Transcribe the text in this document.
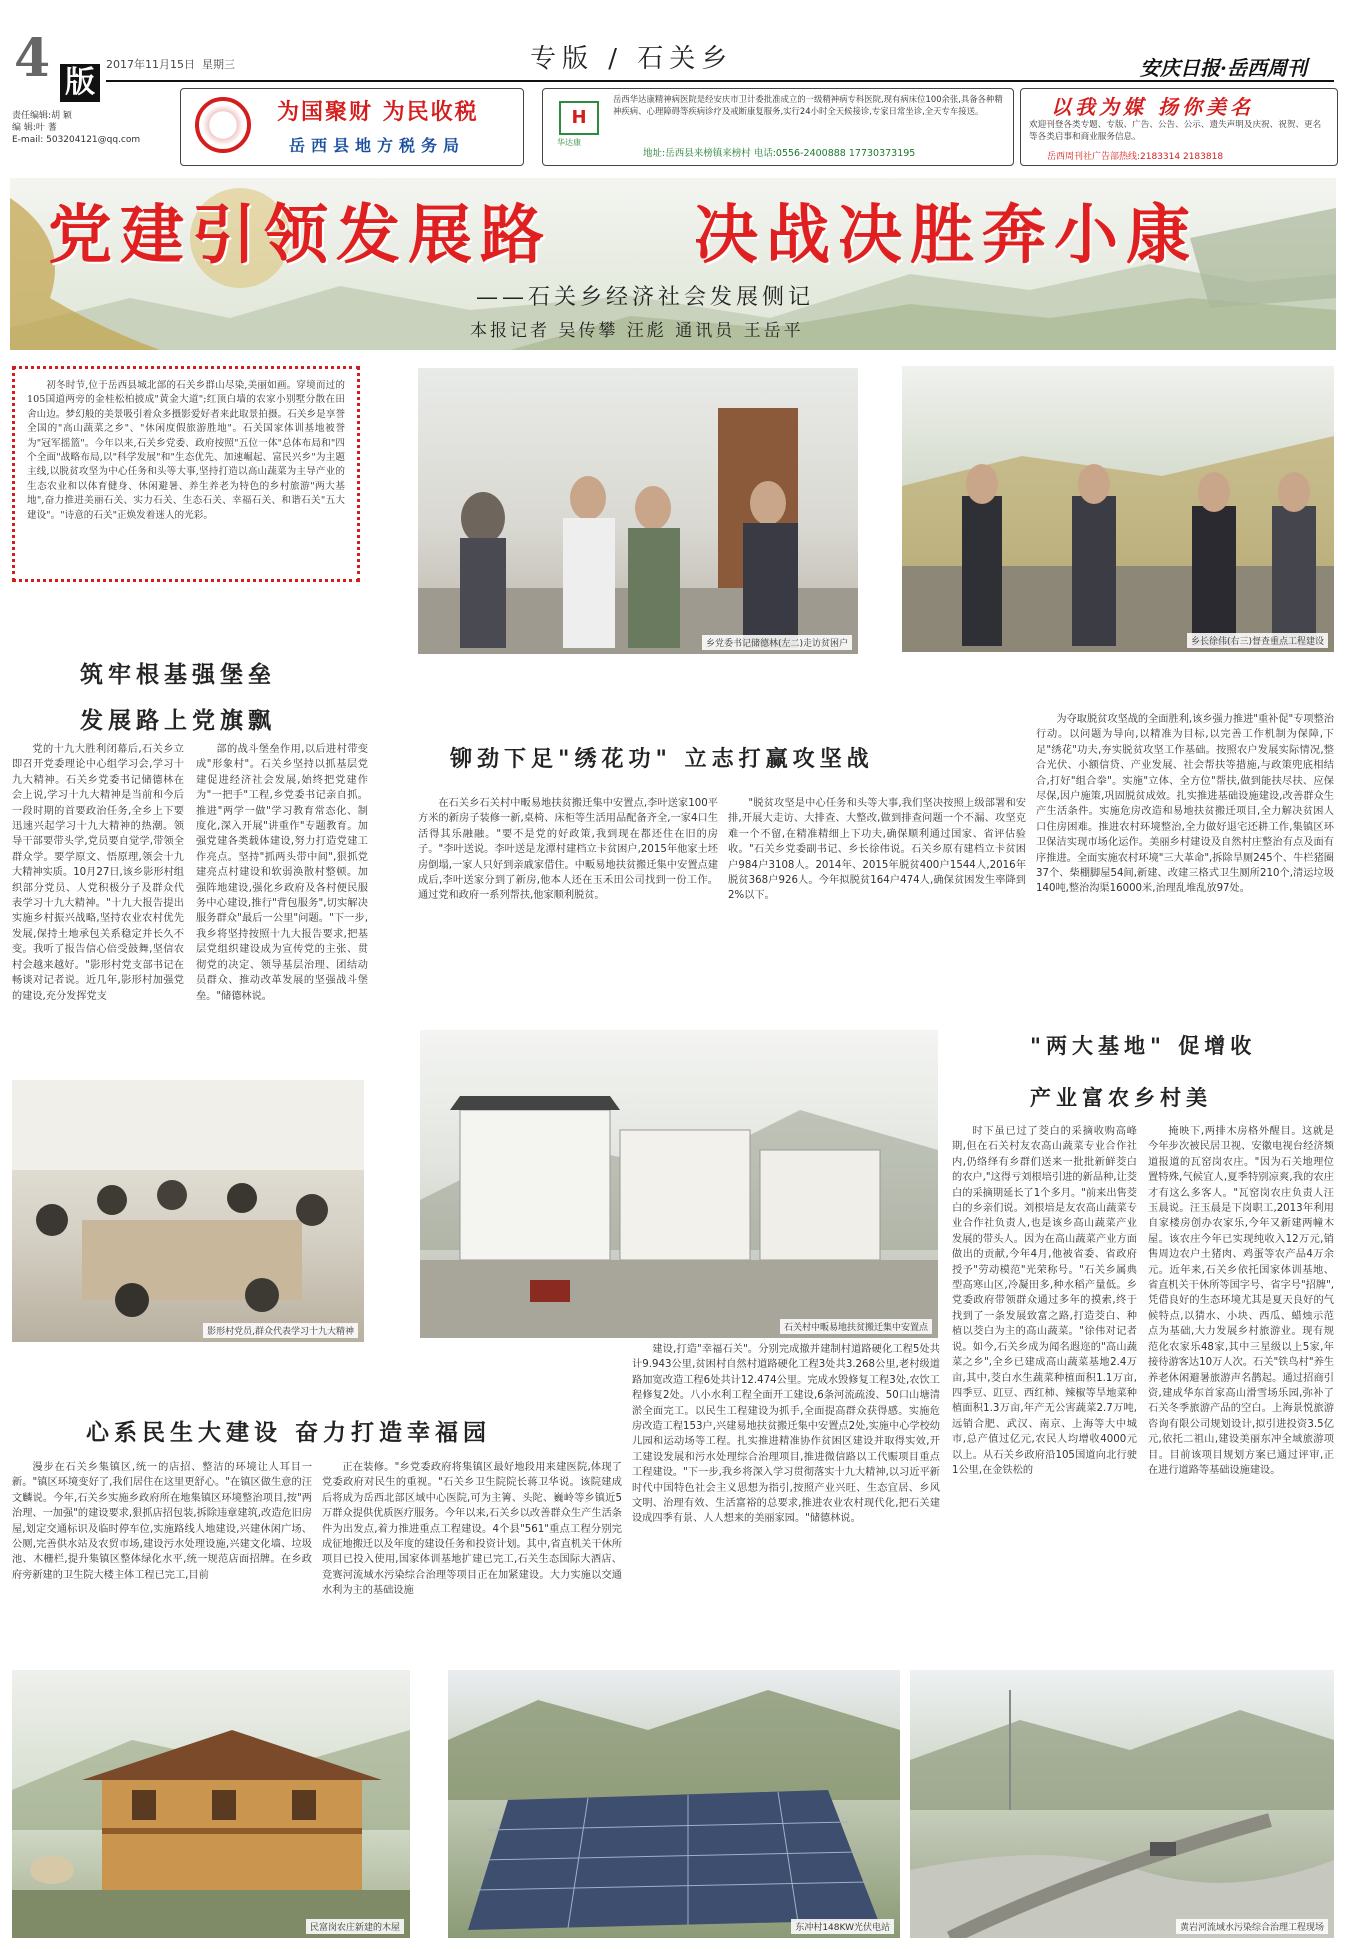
4 版
2017年11月15日 星期三	专版 / 石关乡	安庆日报·岳西周刊
责任编辑:胡 颖
编 辑:叶 蓍
E-mail: 503204121@qq.com
为国聚财 为民收税
岳西县地方税务局
H
华达康
岳西华达康精神病医院是经安庆市卫计委批准成立的一级精神病专科医院,现有病床位100余张,具备各种精神疾病、心理障碍等疾病诊疗及戒断康复服务,实行24小时全天候接诊,专家日常坐诊,全天专车接送。
地址:岳西县来榜镇来榜村 电话:0556-2400888 17730373195
以我为媒 扬你美名
欢迎刊登各类专题、专版、广告、公告、公示、遗失声明及庆祝、祝贺、更名等各类启事和商业服务信息。
岳西周刊社广告部热线:2183314 2183818
党建引领发展路 决战决胜奔小康
——石关乡经济社会发展侧记
本报记者 吴传攀 汪彪 通讯员 王岳平
初冬时节,位于岳西县城北部的石关乡群山尽染,美丽如画。穿境而过的105国道两旁的金桂松柏披成"黄金大道";红顶白墙的农家小别墅分散在田舍山边。梦幻般的美景吸引着众多摄影爱好者来此取景拍摄。石关乡是享誉全国的"高山蔬菜之乡"、"休闲度假旅游胜地"。石关国家体训基地被誉为"冠军摇篮"。今年以来,石关乡党委、政府按照"五位一体"总体布局和"四个全面"战略布局,以"科学发展"和"生态优先、加速崛起、富民兴乡"为主题主线,以脱贫攻坚为中心任务和头等大事,坚持打造以高山蔬菜为主导产业的生态农业和以体育健身、休闲避暑、养生养老为特色的乡村旅游"两大基地",奋力推进美丽石关、实力石关、生态石关、幸福石关、和谐石关"五大建设"。"诗意的石关"正焕发着迷人的光彩。
乡党委书记储德林(左二)走访贫困户	乡长徐伟(右三)督查重点工程建设
筑牢根基强堡垒
发展路上党旗飘

党的十九大胜利闭幕后,石关乡立即召开党委理论中心组学习会,学习十九大精神。石关乡党委书记储德林在会上说,学习十九大精神是当前和今后一段时期的首要政治任务,全乡上下要迅速兴起学习十九大精神的热潮。领导干部要带头学,党员要自觉学,带领全群众学。要学原文、悟原理,领会十九大精神实质。10月27日,该乡影形村组织部分党员、人党积极分子及群众代表学习十九大精神。"十九大报告提出实施乡村振兴战略,坚持农业农村优先发展,保持土地承包关系稳定并长久不变。我听了报告信心倍受鼓舞,坚信农村会越来越好。"影形村党支部书记在畅谈对记者说。近几年,影形村加强党的建设,充分发挥党支

部的战斗堡垒作用,以后进村带变成"形象村"。石关乡坚持以抓基层党建促进经济社会发展,始终把党建作为"一把手"工程,乡党委书记亲自抓。推进"两学一做"学习教育常态化、制度化,深入开展"讲重作"专题教育。加强党建各类载体建设,努力打造党建工作亮点。坚持"抓两头带中间",狠抓党建亮点村建设和软弱涣散村整顿。加强阵地建设,强化乡政府及各村便民服务中心建设,推行"背包服务",切实解决服务群众"最后一公里"问题。"下一步,我乡将坚持按照十九大报告要求,把基层党组织建设成为宣传党的主张、贯彻党的决定、领导基层治理、团结动员群众、推动改革发展的坚强战斗堡垒。"储德林说。

铆劲下足"绣花功" 立志打赢攻坚战

在石关乡石关村中畈易地扶贫搬迁集中安置点,李叶送家100平方米的新房子装修一新,桌椅、床柜等生活用品配备齐全,一家4口生活得其乐融融。"要不是党的好政策,我到现在都还住在旧的房子。"李叶送说。李叶送是龙潭村建档立卡贫困户,2015年他家土坯房倒塌,一家人只好到亲戚家借住。中畈易地扶贫搬迁集中安置点建成后,李叶送家分到了新房,他本人还在玉禾田公司找到一份工作。通过党和政府一系列帮扶,他家顺利脱贫。

"脱贫攻坚是中心任务和头等大事,我们坚决按照上级部署和安排,开展大走访、大排查、大整改,做到排查问题一个不漏、攻坚克难一个不留,在精准精细上下功夫,确保顺利通过国家、省评估验收。"石关乡党委副书记、乡长徐伟说。石关乡原有建档立卡贫困户984户3108人。2014年、2015年脱贫400户1544人,2016年脱贫368户926人。今年拟脱贫164户474人,确保贫困发生率降到2%以下。

为夺取脱贫攻坚战的全面胜利,该乡强力推进"重补促"专项整治行动。以问题为导向,以精准为目标,以完善工作机制为保障,下足"绣花"功夫,夯实脱贫攻坚工作基础。按照农户发展实际情况,整合光伏、小额信贷、产业发展、社会帮扶等措施,与政策兜底相结合,打好"组合拳"。实施"立体、全方位"帮扶,做到能扶尽扶、应保尽保,因户施策,巩固脱贫成效。扎实推进基础设施建设,改善群众生产生活条件。实施危房改造和易地扶贫搬迁项目,全力解决贫困人口住房困难。推进农村环境整治,全力做好退宅还耕工作,集镇区环卫保洁实现市场化运作。美丽乡村建设及自然村庄整治有点及面有序推进。全面实施农村环境"三大革命",拆除旱厕245个、牛栏猪圈37个、柴棚脚屋54间,新建、改建三格式卫生厕所210个,清运垃圾140吨,整治沟渠16000米,治理乱堆乱放97处。

影形村党员,群众代表学习十九大精神	石关村中畈易地扶贫搬迁集中安置点
"两大基地" 促增收
产业富农乡村美

时下虽已过了茭白的采摘收购高峰期,但在石关村友农高山蔬菜专业合作社内,仍络绎有乡群们送来一批批新鲜茭白的农户,"这得亏刘根培引进的新品种,让茭白的采摘期延长了1个多月。"前来出售茭白的乡亲们说。刘根培是友农高山蔬菜专业合作社负责人,也是该乡高山蔬菜产业发展的带头人。因为在高山蔬菜产业方面做出的贡献,今年4月,他被省委、省政府授予"劳动模范"光荣称号。"石关乡属典型高寒山区,冷凝田多,种水稻产量低。乡党委政府带领群众通过多年的摸索,终于找到了一条发展致富之路,打造茭白、种植以茭白为主的高山蔬菜。"徐伟对记者说。如今,石关乡成为闻名遐迩的"高山蔬菜之乡",全乡已建成高山蔬菜基地2.4万亩,其中,茭白水生蔬菜种植面积1.1万亩,四季豆、豇豆、西红柿、辣椒等旱地菜种植面积1.3万亩,年产无公害蔬菜2.7万吨,远销合肥、武汉、南京、上海等大中城市,总产值过亿元,农民人均增收4000元以上。从石关乡政府沿105国道向北行驶1公里,在金铁松的

掩映下,两排木房格外醒目。这就是今年步次被民居卫视、安徽电视台经济频道报道的瓦窑岗农庄。"因为石关地理位置特殊,气候宜人,夏季特别凉爽,我的农庄才有这么多客人。"瓦窑岗农庄负责人汪玉晨说。汪玉晨是下岗职工,2013年利用自家楼房创办农家乐,今年又新建两幢木屋。该农庄今年已实现纯收入12万元,销售周边农户土猪肉、鸡蛋等农产品4万余元。近年来,石关乡依托国家体训基地、省直机关干休所等国字号、省字号"招牌",凭借良好的生态环境尤其是夏天良好的气候特点,以猜水、小块、西瓜、蜡烛示范点为基础,大力发展乡村旅游业。现有规范化农家乐48家,其中三星级以上5家,年接待游客达10万人次。石关"铁鸟村"养生养老休闲避暑旅游声名鹊起。通过招商引资,建成华东首家高山滑雪场乐园,弥补了石关冬季旅游产品的空白。上海景悦旅游咨询有限公司规划设计,拟引进投资3.5亿元,依托二祖山,建设美丽东冲全域旅游项目。目前该项目规划方案已通过评审,正在进行道路等基础设施建设。

心系民生大建设 奋力打造幸福园

漫步在石关乡集镇区,统一的店招、整洁的环境让人耳目一新。"镇区环境变好了,我们居住在这里更舒心。"在镇区做生意的汪文麟说。今年,石关乡实施乡政府所在地集镇区环境整治项目,按"两治理、一加强"的建设要求,狠抓店招包装,拆除违章建筑,改造危旧房屋,划定交通标识及临时停车位,实施路线人地建设,兴建休闲广场、公厕,完善供水站及农贸市场,建设污水处理设施,兴建文化墙、垃圾池、木栅栏,提升集镇区整体绿化水平,统一规范店面招牌。在乡政府旁新建的卫生院大楼主体工程已完工,目前

正在装修。"乡党委政府将集镇区最好地段用来建医院,体现了党委政府对民生的重视。"石关乡卫生院院长蒋卫华说。该院建成后将成为岳西北部区域中心医院,可为主箐、头陀、巍岭等乡镇近5万群众提供优质医疗服务。今年以来,石关乡以改善群众生产生活条件为出发点,着力推进重点工程建设。4个县"561"重点工程分别完成征地搬迁以及年度的建设任务和投资计划。其中,省直机关干休所项目已投入使用,国家体训基地扩建已完工,石关生态国际大酒店、竞赛河流域水污染综合治理等项目正在加紧建设。大力实施以交通水利为主的基础设施

建设,打造"幸福石关"。分别完成撤并建制村道路硬化工程5处共计9.943公里,贫困村自然村道路硬化工程3处共3.268公里,老村级道路加宽改造工程6处共计12.474公里。完成水毁修复工程3处,农饮工程修复2处。八小水利工程全面开工建设,6条河流疏浚、50口山塘清淤全面完工。以民生工程建设为抓手,全面提高群众获得感。实施危房改造工程153户,兴建易地扶贫搬迁集中安置点2处,实施中心学校幼儿园和运动场等工程。扎实推进精准协作贫困区建设并取得实效,开工建设发展和污水处理综合治理项目,推进微信路以工代赈项目重点工程建设。"下一步,我乡将深入学习贯彻落实十九大精神,以习近平新时代中国特色社会主义思想为指引,按照产业兴旺、生态宜居、乡风文明、治理有效、生活富裕的总要求,推进农业农村现代化,把石关建设成四季有景、人人想来的美丽家园。"储德林说。

民富岗农庄新建的木屋	东冲村148KW光伏电站	黄岩河流域水污染综合治理工程现场
